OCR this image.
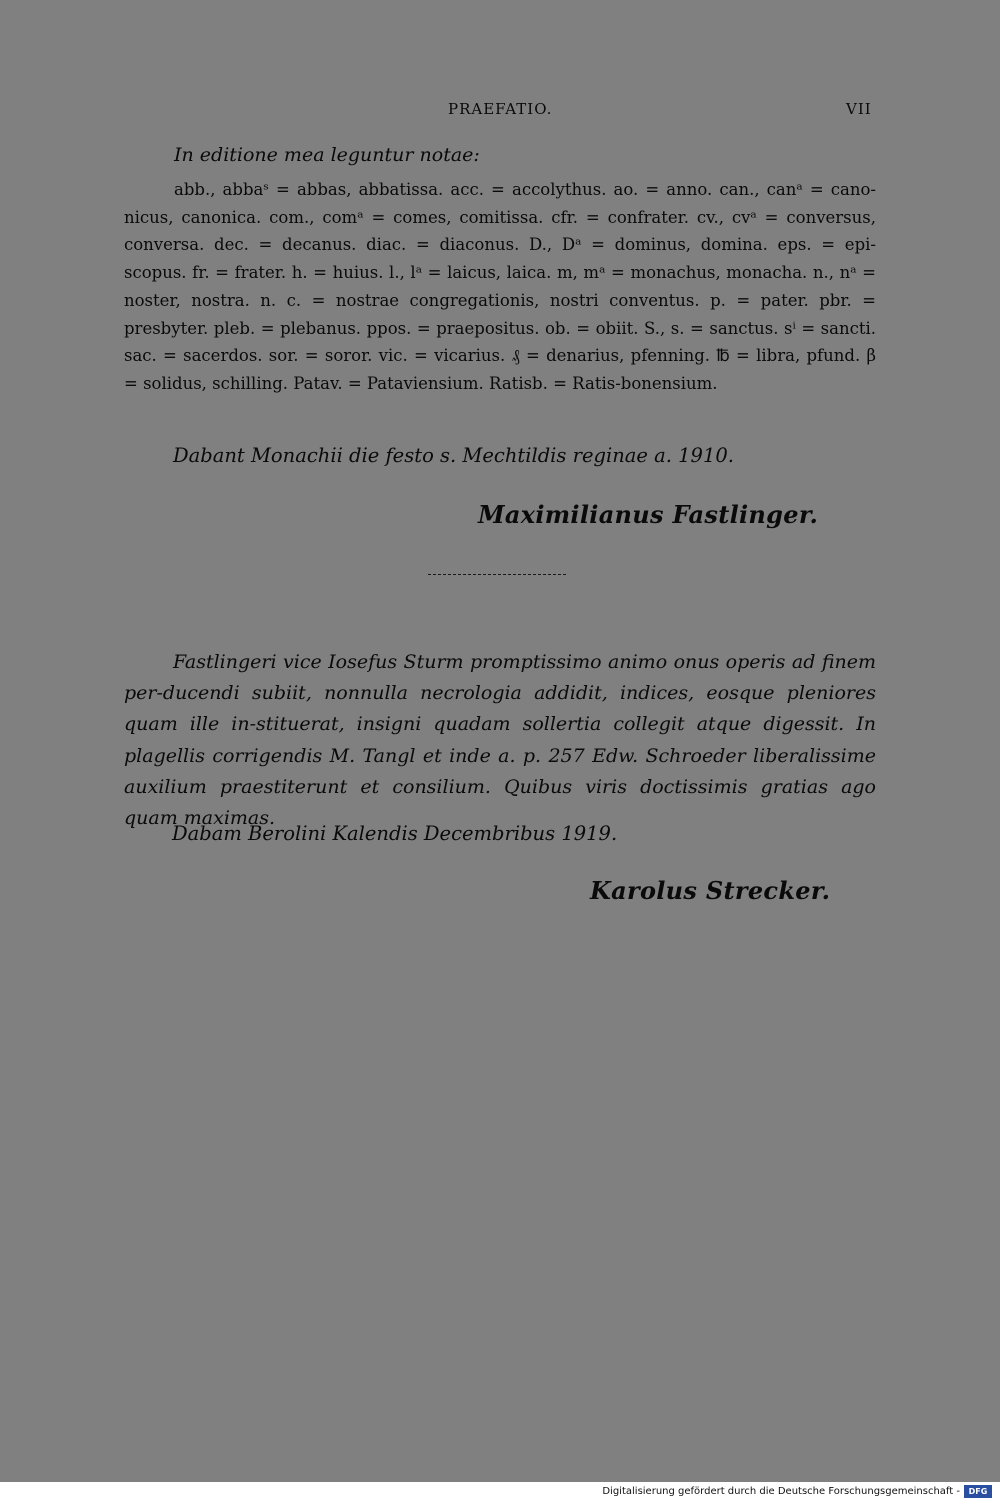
PRAEFATIO.	VII
In editione mea leguntur notae:

abb., abbaˢ = abbas, abbatissa. acc. = accolythus. ao. = anno. can., canᵃ = cano-nicus, canonica. com., comᵃ = comes, comitissa. cfr. = confrater. cv., cvᵃ = conversus, conversa. dec. = decanus. diac. = diaconus. D., Dᵃ = dominus, domina. eps. = epi-scopus. fr. = frater. h. = huius. l., lᵃ = laicus, laica. m, mᵃ = monachus, monacha. n., nᵃ = noster, nostra. n. c. = nostrae congregationis, nostri conventus. p. = pater. pbr. = presbyter. pleb. = plebanus. ppos. = praepositus. ob. = obiit. S., s. = sanctus. sⁱ = sancti. sac. = sacerdos. sor. = soror. vic. = vicarius. ₰ = denarius, pfenning. ℔ = libra, pfund. β = solidus, schilling. Patav. = Pataviensium. Ratisb. = Ratis-bonensium.

Dabant Monachii die festo s. Mechtildis reginae a. 1910.
Maximilianus Fastlinger.

Fastlingeri vice Iosefus Sturm promptissimo animo onus operis ad finem per-ducendi subiit, nonnulla necrologia addidit, indices, eosque pleniores quam ille in-stituerat, insigni quadam sollertia collegit atque digessit. In plagellis corrigendis M. Tangl et inde a. p. 257 Edw. Schroeder liberalissime auxilium praestiterunt et consilium. Quibus viris doctissimis gratias ago quam maximas.

Dabam Berolini Kalendis Decembribus 1919.
Karolus Strecker.
Digitalisierung gefördert durch die Deutsche Forschungsgemeinschaft -	DFG
